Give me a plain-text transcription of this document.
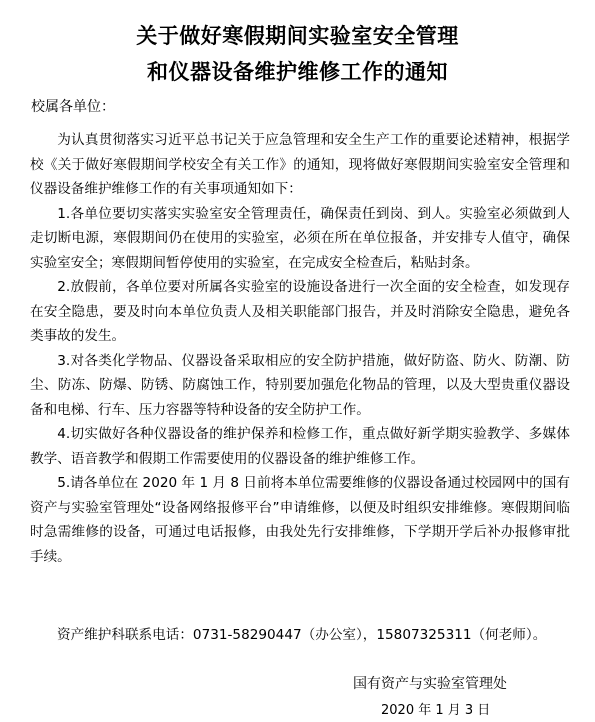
关于做好寒假期间实验室安全管理
和仪器设备维护维修工作的通知
校属各单位：

为认真贯彻落实习近平总书记关于应急管理和安全生产工作的重要论述精神，根据学校《关于做好寒假期间学校安全有关工作》的通知，现将做好寒假期间实验室安全管理和仪器设备维护维修工作的有关事项通知如下：

1.各单位要切实落实实验室安全管理责任，确保责任到岗、到人。实验室必须做到人走切断电源，寒假期间仍在使用的实验室，必须在所在单位报备，并安排专人值守，确保实验室安全；寒假期间暂停使用的实验室，在完成安全检查后，粘贴封条。

2.放假前，各单位要对所属各实验室的设施设备进行一次全面的安全检查，如发现存在安全隐患，要及时向本单位负责人及相关职能部门报告，并及时消除安全隐患，避免各类事故的发生。

3.对各类化学物品、仪器设备采取相应的安全防护措施，做好防盗、防火、防潮、防尘、防冻、防爆、防锈、防腐蚀工作，特别要加强危化物品的管理，以及大型贵重仪器设备和电梯、行车、压力容器等特种设备的安全防护工作。

4.切实做好各种仪器设备的维护保养和检修工作，重点做好新学期实验教学、多媒体教学、语音教学和假期工作需要使用的仪器设备的维护维修工作。

5.请各单位在 2020 年 1 月 8 日前将本单位需要维修的仪器设备通过校园网中的国有资产与实验室管理处“设备网络报修平台”申请维修，以便及时组织安排维修。寒假期间临时急需维修的设备，可通过电话报修，由我处先行安排维修，下学期开学后补办报修审批手续。

资产维护科联系电话：0731-58290447（办公室），15807325311（何老师）。
国有资产与实验室管理处
2020 年 1 月 3 日
